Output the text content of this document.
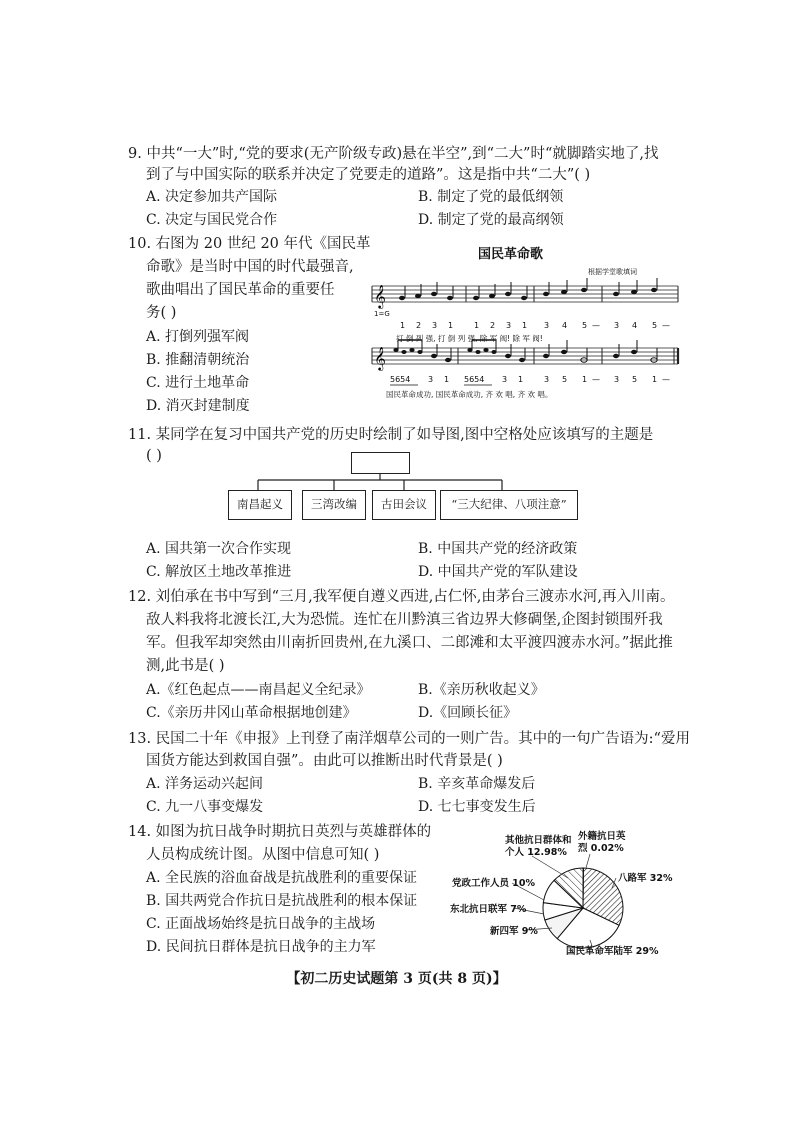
9. 中共“一大”时,“党的要求(无产阶级专政)悬在半空”,到“二大”时“就脚踏实地了,找
到了与中国实际的联系并决定了党要走的道路”。这是指中共“二大”( )
A. 决定参加共产国际	B. 制定了党的最低纲领
C. 决定与国民党合作	D. 制定了党的最高纲领
10. 右图为 20 世纪 20 年代《国民革
命歌》是当时中国的时代最强音,
歌曲唱出了国民革命的重要任
务( )
A. 打倒列强军阀
B. 推翻清朝统治
C. 进行土地革命
D. 消灭封建制度
国民革命歌
根据学堂歌填词
𝄞
1=G
1 2 3 1	1 2 3 1 3 4 5 — 3 4 5 —
打 倒 列 强, 打 倒 列 强, 除 军 阀! 除 军 阀!
𝄞
5654 3 1 5654 3 1	3 5 1 — 3 5 1 —
国民革命成功, 国民革命成功, 齐 欢 唱, 齐 欢 唱。
11. 某同学在复习中国共产党的历史时绘制了如导图,图中空格处应该填写的主题是
( )
南昌起义	三湾改编	古田会议	“三大纪律、八项注意”
A. 国共第一次合作实现	B. 中国共产党的经济政策
C. 解放区土地改革推进	D. 中国共产党的军队建设
12. 刘伯承在书中写到“三月,我军便自遵义西进,占仁怀,由茅台三渡赤水河,再入川南。
敌人料我将北渡长江,大为恐慌。连忙在川黔滇三省边界大修碉堡,企图封锁围歼我
军。但我军却突然由川南折回贵州,在九溪口、二郎滩和太平渡四渡赤水河。”据此推
测,此书是( )
A.《红色起点——南昌起义全纪录》	B.《亲历秋收起义》
C.《亲历井冈山革命根据地创建》	D.《回顾长征》
13. 民国二十年《申报》上刊登了南洋烟草公司的一则广告。其中的一句广告语为:“爱用
国货方能达到救国自强”。由此可以推断出时代背景是( )
A. 洋务运动兴起间	B. 辛亥革命爆发后
C. 九一八事变爆发	D. 七七事变发生后
14. 如图为抗日战争时期抗日英烈与英雄群体的
人员构成统计图。从图中信息可知( )
A. 全民族的浴血奋战是抗战胜利的重要保证
B. 国共两党合作抗日是抗战胜利的根本保证
C. 正面战场始终是抗日战争的主战场
D. 民间抗日群体是抗日战争的主力军
其他抗日群体和
个人 12.98%
外籍抗日英
烈 0.02%
党政工作人员 10%	八路军 32%
东北抗日联军 7%
新四军 9%
国民革命军陆军 29%
【初二历史试题第 3 页(共 8 页)】
